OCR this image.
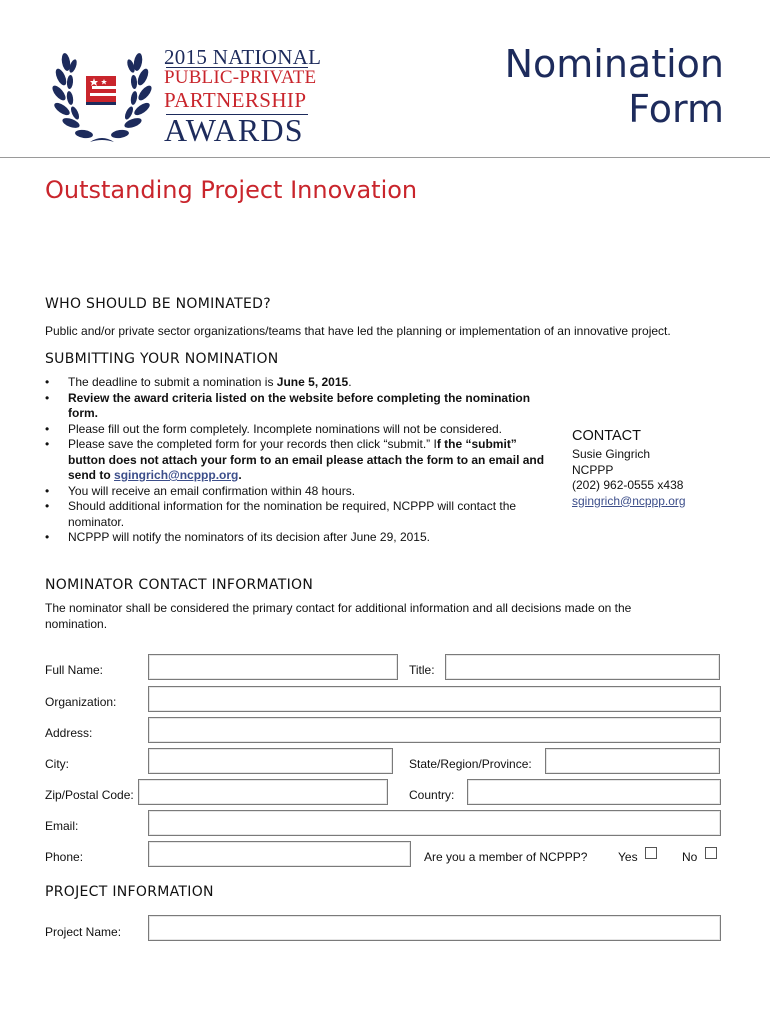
2015 NATIONAL
PUBLIC-PRIVATE
PARTNERSHIP
AWARDS
Nomination
Form
Outstanding Project Innovation
WHO SHOULD BE NOMINATED?
Public and/or private sector organizations/teams that have led the planning or implementation of an innovative project.
SUBMITTING YOUR NOMINATION
• The deadline to submit a nomination is June 5, 2015.
• Review the award criteria listed on the website before completing the nomination form.
• Please fill out the form completely. Incomplete nominations will not be considered.
• Please save the completed form for your records then click “submit.” If the “submit” button does not attach your form to an email please attach the form to an email and send to sgingrich@ncppp.org.
• You will receive an email confirmation within 48 hours.
• Should additional information for the nomination be required, NCPPP will contact the nominator.
• NCPPP will notify the nominators of its decision after June 29, 2015.
CONTACT
Susie Gingrich
NCPPP
(202) 962-0555 x438
sgingrich@ncppp.org
NOMINATOR CONTACT INFORMATION
The nominator shall be considered the primary contact for additional information and all decisions made on the nomination.
Full Name:	Title:
Organization:
Address:
City:	State/Region/Province:
Zip/Postal Code:	Country:
Email:
Phone:	Are you a member of NCPPP?	Yes	No
PROJECT INFORMATION
Project Name:
